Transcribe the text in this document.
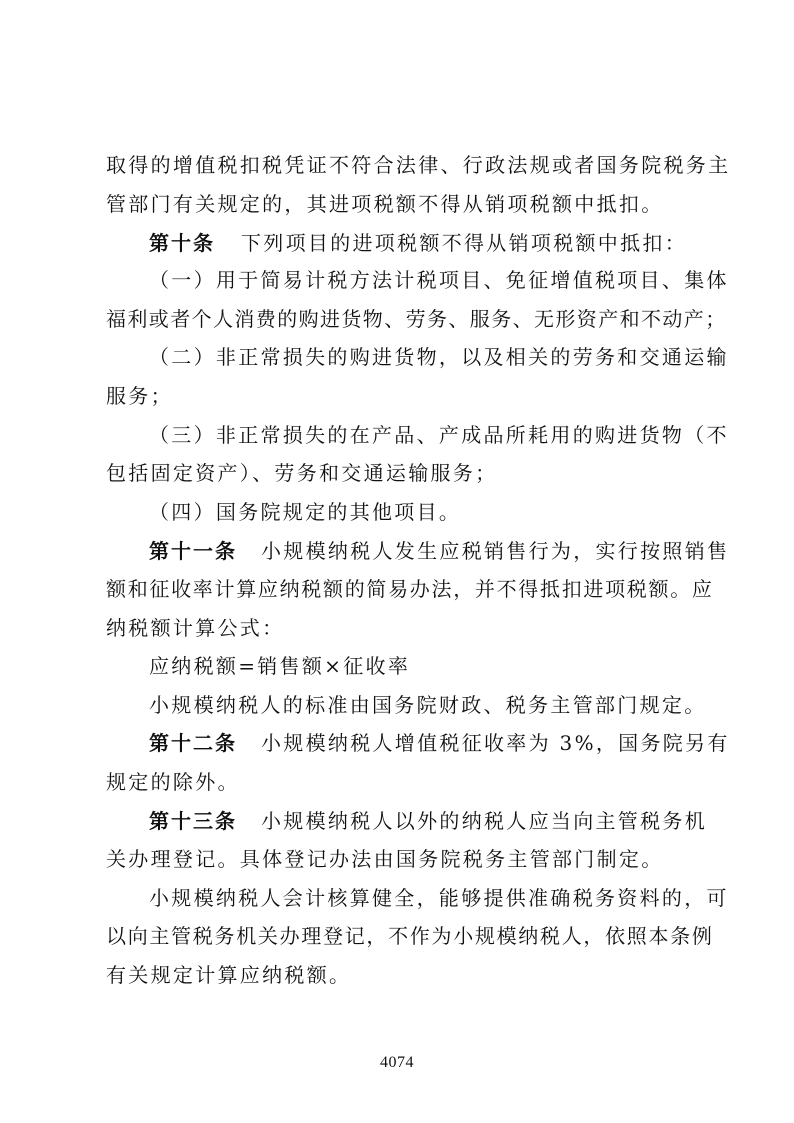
取得的增值税扣税凭证不符合法律、行政法规或者国务院税务主
管部门有关规定的，其进项税额不得从销项税额中抵扣。
第十条 下列项目的进项税额不得从销项税额中抵扣：
（一）用于简易计税方法计税项目、免征增值税项目、集体
福利或者个人消费的购进货物、劳务、服务、无形资产和不动产；
（二）非正常损失的购进货物，以及相关的劳务和交通运输
服务；
（三）非正常损失的在产品、产成品所耗用的购进货物（不
包括固定资产）、劳务和交通运输服务；
（四）国务院规定的其他项目。
第十一条 小规模纳税人发生应税销售行为，实行按照销售
额和征收率计算应纳税额的简易办法，并不得抵扣进项税额。应
纳税额计算公式：
应纳税额=销售额×征收率
小规模纳税人的标准由国务院财政、税务主管部门规定。
第十二条 小规模纳税人增值税征收率为 3%，国务院另有
规定的除外。
第十三条 小规模纳税人以外的纳税人应当向主管税务机
关办理登记。具体登记办法由国务院税务主管部门制定。
小规模纳税人会计核算健全，能够提供准确税务资料的，可
以向主管税务机关办理登记，不作为小规模纳税人，依照本条例
有关规定计算应纳税额。
4074
